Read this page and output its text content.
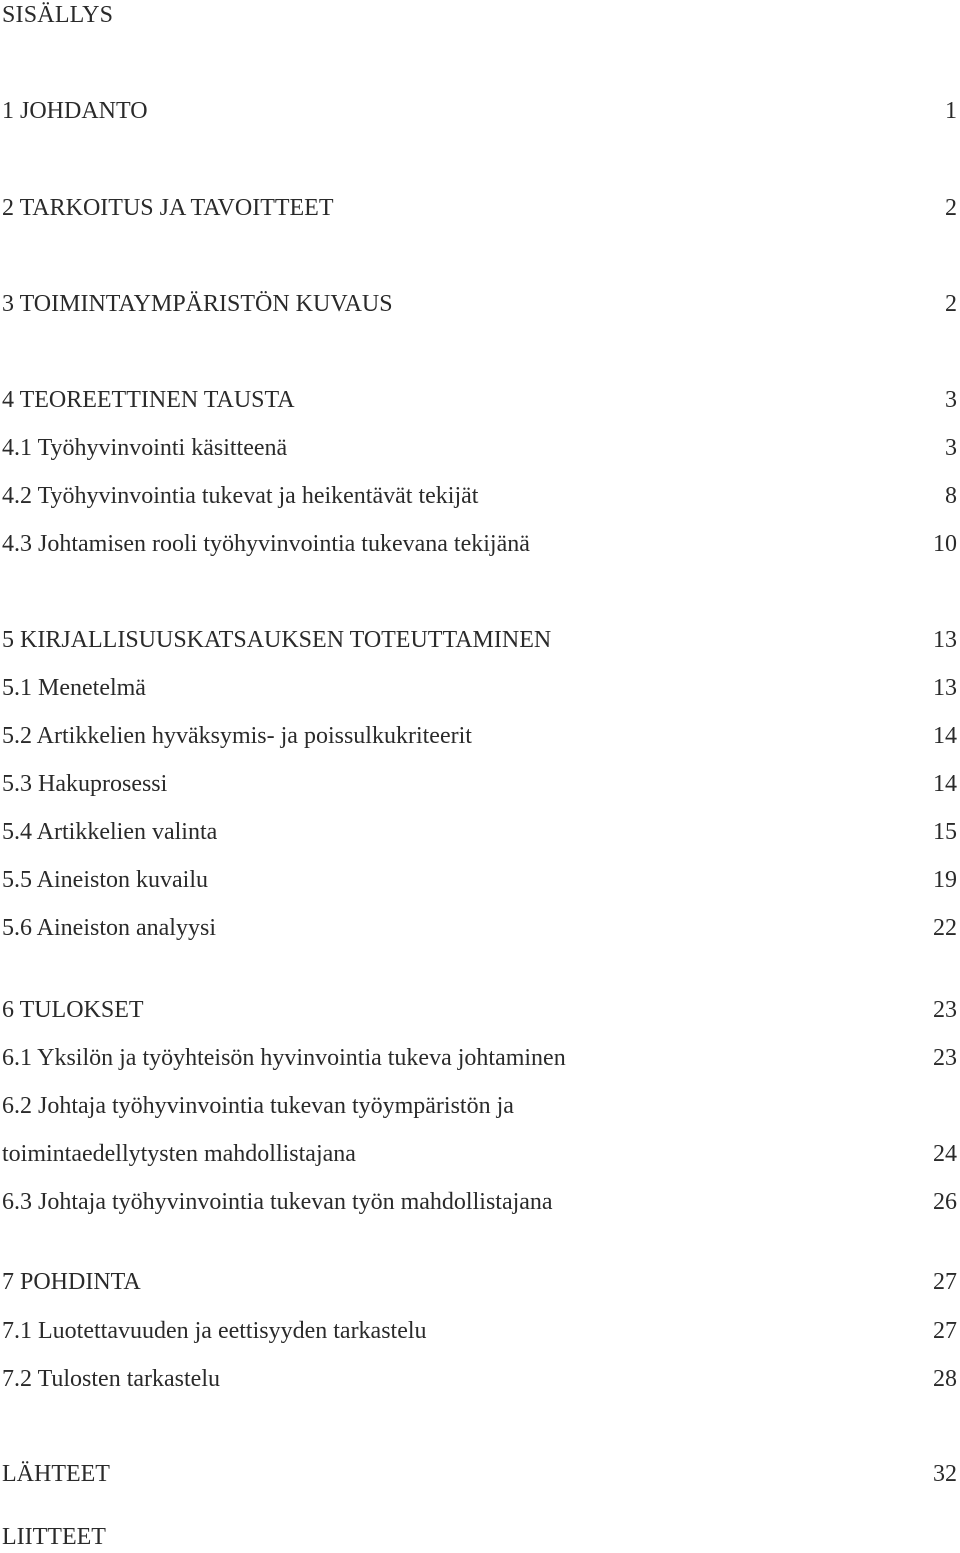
SISÄLLYS
1 JOHDANTO	1
2 TARKOITUS JA TAVOITTEET	2
3 TOIMINTAYMPÄRISTÖN KUVAUS	2
4 TEOREETTINEN TAUSTA	3
4.1 Työhyvinvointi käsitteenä	3
4.2 Työhyvinvointia tukevat ja heikentävät tekijät	8
4.3 Johtamisen rooli työhyvinvointia tukevana tekijänä	10
5 KIRJALLISUUSKATSAUKSEN TOTEUTTAMINEN	13
5.1 Menetelmä	13
5.2 Artikkelien hyväksymis- ja poissulkukriteerit	14
5.3 Hakuprosessi	14
5.4 Artikkelien valinta	15
5.5 Aineiston kuvailu	19
5.6 Aineiston analyysi	22
6 TULOKSET	23
6.1 Yksilön ja työyhteisön hyvinvointia tukeva johtaminen	23
6.2 Johtaja työhyvinvointia tukevan työympäristön ja
toimintaedellytysten mahdollistajana	24
6.3 Johtaja työhyvinvointia tukevan työn mahdollistajana	26
7 POHDINTA	27
7.1 Luotettavuuden ja eettisyyden tarkastelu	27
7.2 Tulosten tarkastelu	28
LÄHTEET	32
LIITTEET
